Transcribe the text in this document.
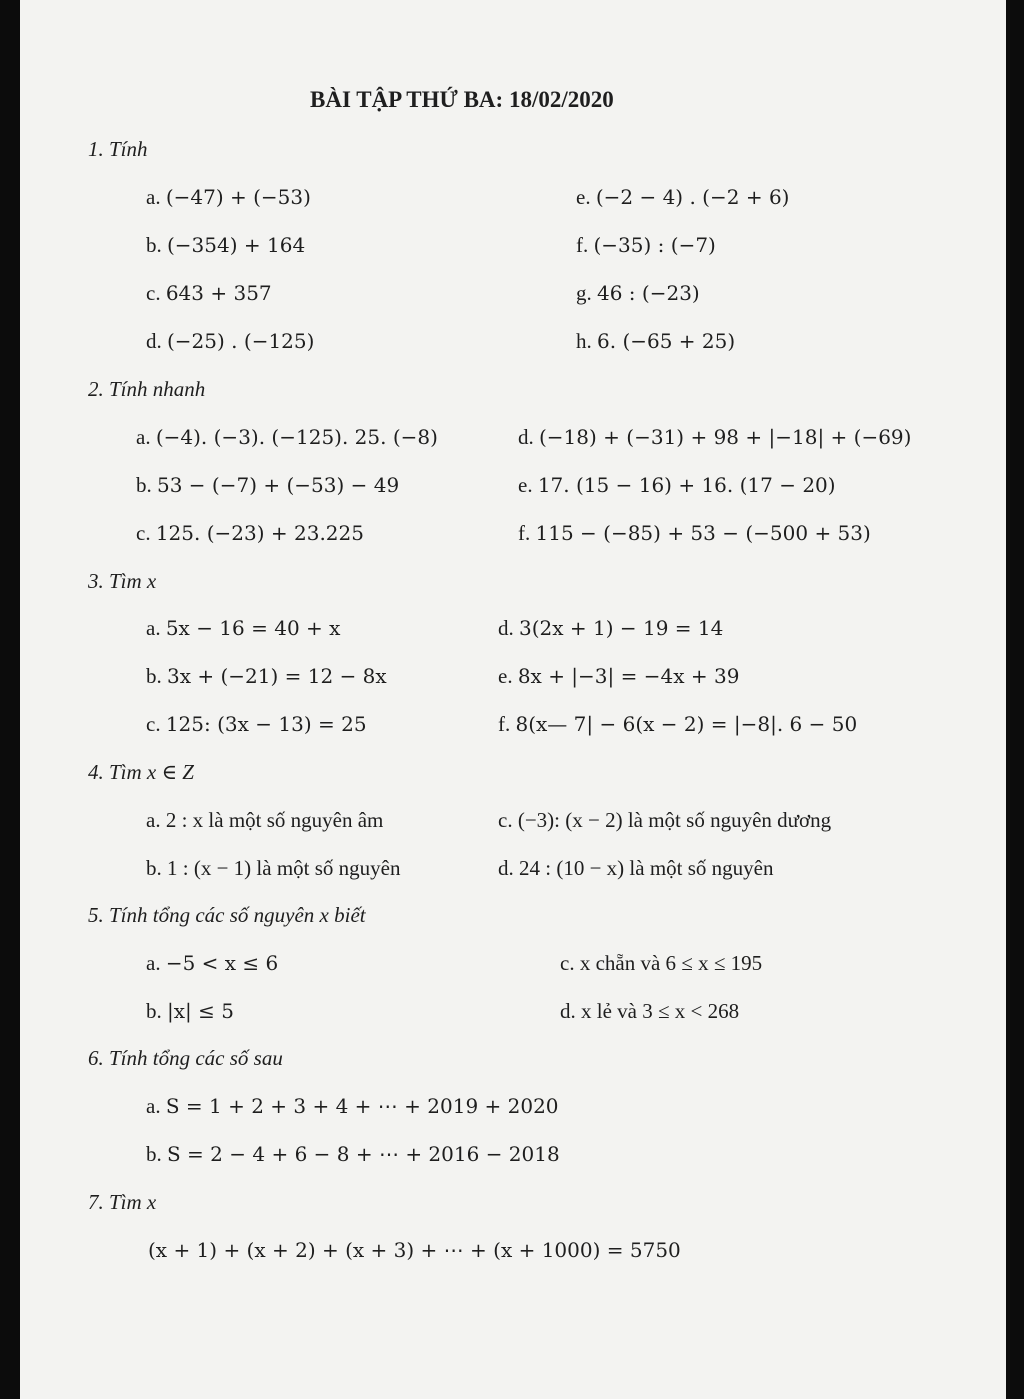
BÀI TẬP THỨ BA: 18/02/2020
1. Tính
a. (−47) + (−53)
b. (−354) + 164
c. 643 + 357
d. (−25) . (−125)
e. (−2 − 4) . (−2 + 6)
f. (−35) : (−7)
g. 46 : (−23)
h. 6. (−65 + 25)
2. Tính nhanh
a. (−4). (−3). (−125). 25. (−8)
b. 53 − (−7) + (−53) − 49
c. 125. (−23) + 23.225
d. (−18) + (−31) + 98 + |−18| + (−69)
e. 17. (15 − 16) + 16. (17 − 20)
f. 115 − (−85) + 53 − (−500 + 53)
3. Tìm x
a. 5x − 16 = 40 + x
b. 3x + (−21) = 12 − 8x
c. 125: (3x − 13) = 25
d. 3(2x + 1) − 19 = 14
e. 8x + |−3| = −4x + 39
f. 8(x— 7| − 6(x − 2) = |−8|. 6 − 50
4. Tìm x ∈ Z
a. 2 : x là một số nguyên âm
b. 1 : (x − 1) là một số nguyên
c. (−3): (x − 2) là một số nguyên dương
d. 24 : (10 − x) là một số nguyên
5. Tính tổng các số nguyên x biết
a. −5 < x ≤ 6
b. |x| ≤ 5
c. x chẵn và 6 ≤ x ≤ 195
d. x lẻ và 3 ≤ x < 268
6. Tính tổng các số sau
a. S = 1 + 2 + 3 + 4 + ⋯ + 2019 + 2020
b. S = 2 − 4 + 6 − 8 + ⋯ + 2016 − 2018
7. Tìm x
(x + 1) + (x + 2) + (x + 3) + ⋯ + (x + 1000) = 5750
